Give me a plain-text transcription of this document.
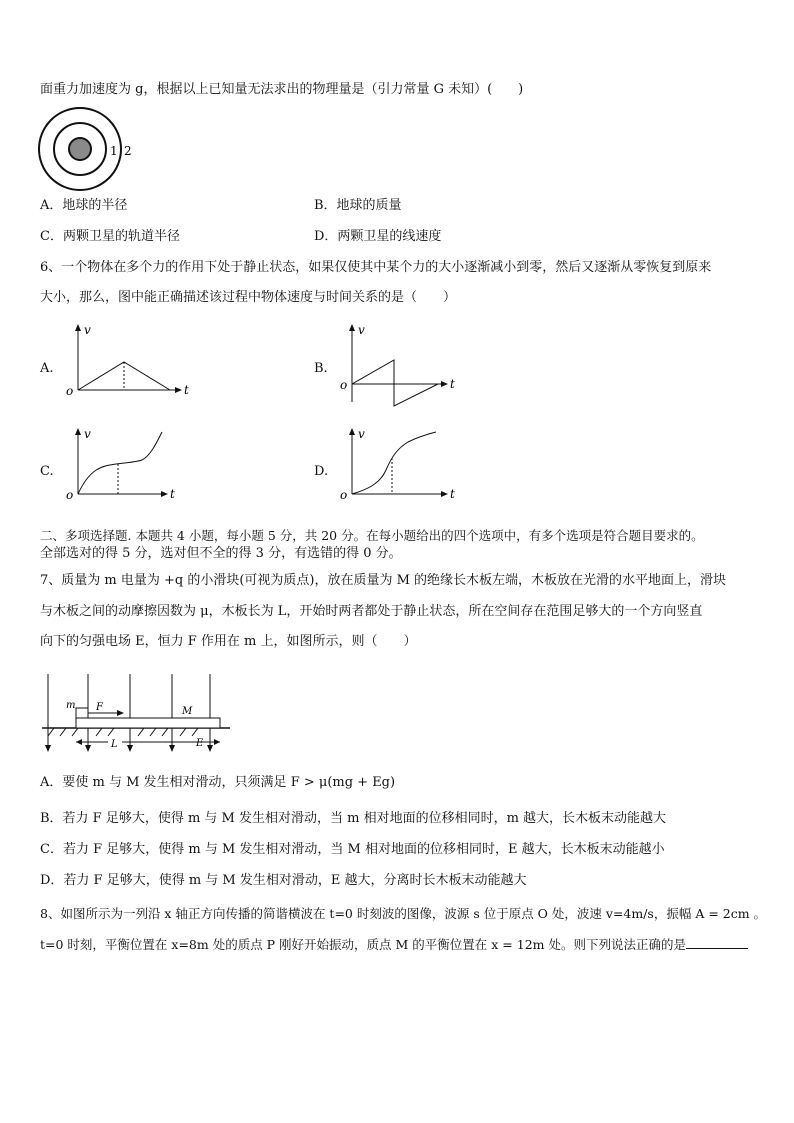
面重力加速度为 g，根据以上已知量无法求出的物理量是（引力常量 G 未知）(　　)
1 2
A．地球的半径	B．地球的质量
C．两颗卫星的轨道半径	D．两颗卫星的线速度
6、一个物体在多个力的作用下处于静止状态，如果仅使其中某个力的大小逐渐减小到零，然后又逐渐从零恢复到原来
大小，那么，图中能正确描述该过程中物体速度与时间关系的是（　　）
A.
v
t
o
B.
v
t
o
C.
v
t
o
D.
v
t
o
二、多项选择题. 本题共 4 小题，每小题 5 分，共 20 分。在每小题给出的四个选项中，有多个选项是符合题目要求的。
全部选对的得 5 分，选对但不全的得 3 分，有选错的得 0 分。
7、质量为 m 电量为 +q 的小滑块(可视为质点)，放在质量为 M 的绝缘长木板左端，木板放在光滑的水平地面上，滑块
与木板之间的动摩擦因数为 μ，木板长为 L，开始时两者都处于静止状态，所在空间存在范围足够大的一个方向竖直
向下的匀强电场 E，恒力 F 作用在 m 上，如图所示，则（　　）
m F	M
L	E
A．要使 m 与 M 发生相对滑动，只须满足 F > μ(mg + Eg)
B．若力 F 足够大，使得 m 与 M 发生相对滑动，当 m 相对地面的位移相同时，m 越大，长木板末动能越大
C．若力 F 足够大，使得 m 与 M 发生相对滑动，当 M 相对地面的位移相同时，E 越大，长木板末动能越小
D．若力 F 足够大，使得 m 与 M 发生相对滑动，E 越大，分离时长木板末动能越大
8、如图所示为一列沿 x 轴正方向传播的简谐横波在 t=0 时刻波的图像，波源 s 位于原点 O 处，波速 v=4m/s，振幅 A = 2cm 。
t=0 时刻，平衡位置在 x=8m 处的质点 P 刚好开始振动，质点 M 的平衡位置在 x = 12m 处。则下列说法正确的是
